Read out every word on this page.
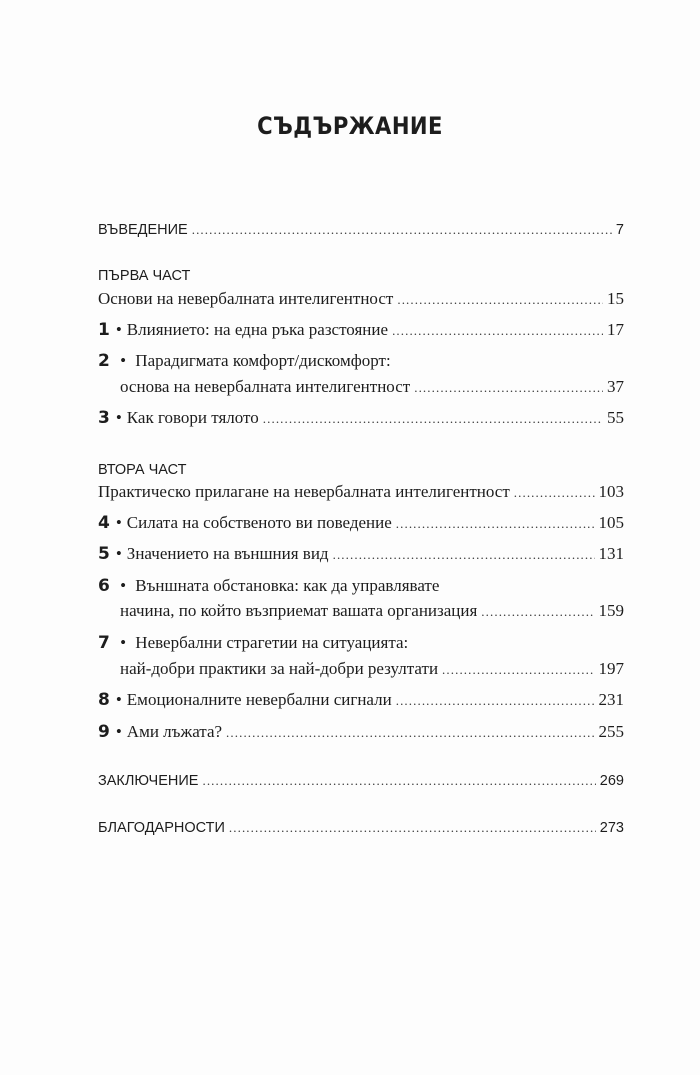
СЪДЪРЖАНИЕ
ВЪВЕДЕНИЕ .....	7
ПЪРВА ЧАСТ
Основи на невербалната интелигентност .....	15
1 • Влиянието: на една ръка разстояние .....	17
2 • Парадигмата комфорт/дискомфорт:
основа на невербалната интелигентност .....	37
3 • Как говори тялото .....	55
ВТОРА ЧАСТ
Практическо прилагане на невербалната интелигентност .....	103
4 • Силата на собственото ви поведение .....	105
5 • Значението на външния вид .....	131
6 • Външната обстановка: как да управлявате
начина, по който възприемат вашата организация .....	159
7 • Невербални страгетии на ситуацията:
най-добри практики за най-добри резултати .....	197
8 • Емоционалните невербални сигнали .....	231
9 • Ами лъжата? .....	255
ЗАКЛЮЧЕНИЕ .....	269
БЛАГОДАРНОСТИ .....	273
